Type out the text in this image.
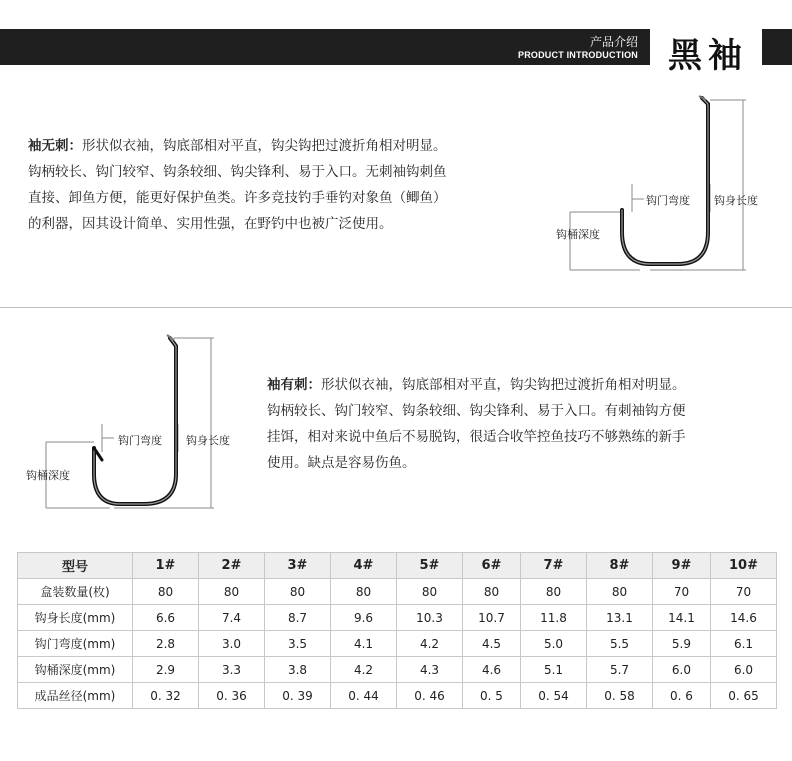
产品介绍
PRODUCT INTRODUCTION 黑袖
袖无刺：形状似衣袖，钩底部相对平直，钩尖钩把过渡折角相对明显。
钩柄较长、钩门较窄、钩条较细、钩尖锋利、易于入口。无刺袖钩刺鱼
直接、卸鱼方便，能更好保护鱼类。许多竞技钓手垂钓对象鱼（鲫鱼）
的利器，因其设计简单、实用性强，在野钓中也被广泛使用。
钩门弯度 钩身长度
钩桶深度
钩门弯度 钩身长度
钩桶深度
袖有刺：形状似衣袖，钩底部相对平直，钩尖钩把过渡折角相对明显。
钩柄较长、钩门较窄、钩条较细、钩尖锋利、易于入口。有刺袖钩方便
挂饵，相对来说中鱼后不易脱钩，很适合收竿控鱼技巧不够熟练的新手
使用。缺点是容易伤鱼。
型号	1#	2#	3#	4#	5#	6#	7#	8#	9#	10#
盒装数量(枚)	80	80	80	80	80	80	80	80	70	70
钩身长度(mm)	6.6	7.4	8.7	9.6	10.3	10.7	11.8	13.1	14.1	14.6
钩门弯度(mm)	2.8	3.0	3.5	4.1	4.2	4.5	5.0	5.5	5.9	6.1
钩桶深度(mm)	2.9	3.3	3.8	4.2	4.3	4.6	5.1	5.7	6.0	6.0
成品丝径(mm)	0. 32	0. 36	0. 39	0. 44	0. 46	0. 5	0. 54	0. 58	0. 6	0. 65
